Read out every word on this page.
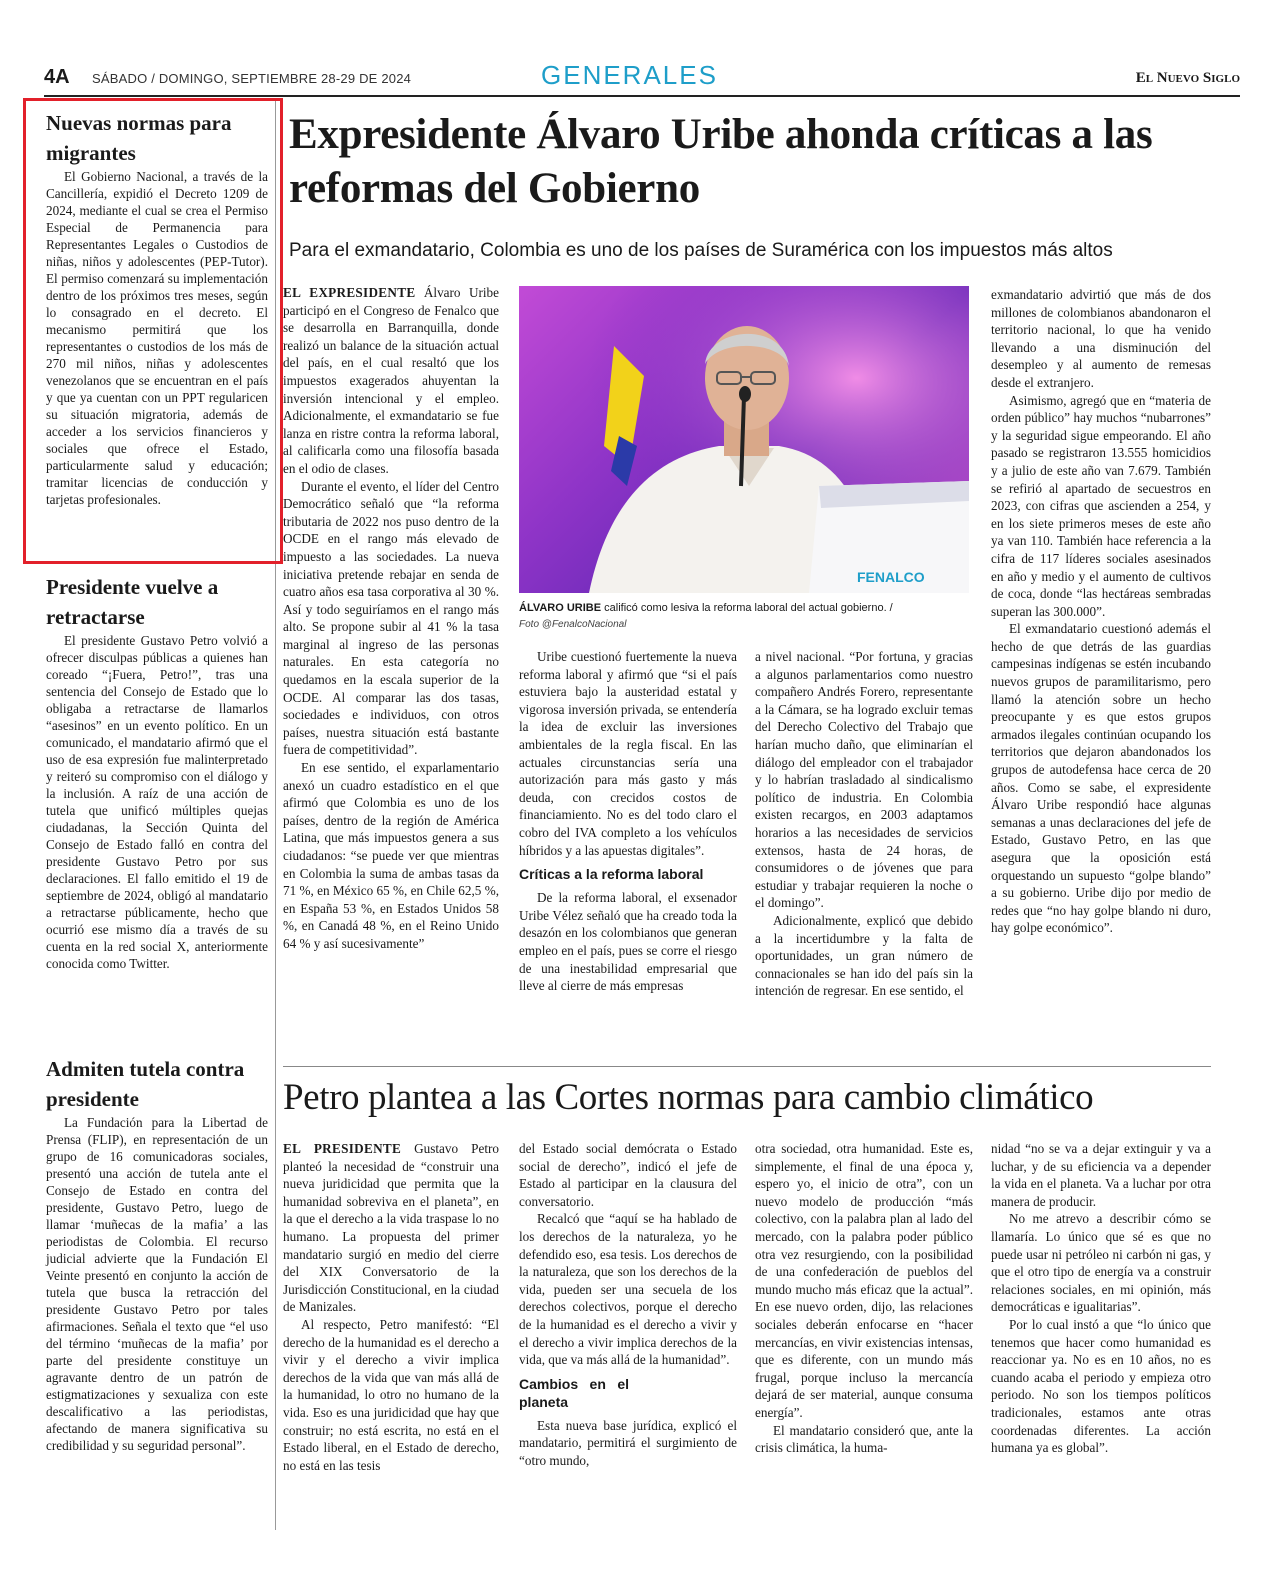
4A SÁBADO / DOMINGO, SEPTIEMBRE 28-29 DE 2024	GENERALES	El Nuevo Siglo
Nuevas normas para migrantes

El Gobierno Nacional, a través de la Cancillería, expidió el Decreto 1209 de 2024, mediante el cual se crea el Permiso Especial de Permanencia para Representantes Legales o Custodios de niñas, niños y adolescentes (PEP-Tutor). El permiso comenzará su implementación dentro de los próximos tres meses, según lo consagrado en el decreto. El mecanismo permitirá que los representantes o custodios de los más de 270 mil niños, niñas y adolescentes venezolanos que se encuentran en el país y que ya cuentan con un PPT regularicen su situación migratoria, además de acceder a los servicios financieros y sociales que ofrece el Estado, particularmente salud y educación; tramitar licencias de conducción y tarjetas profesionales.

Presidente vuelve a retractarse

El presidente Gustavo Petro volvió a ofrecer disculpas públicas a quienes han coreado “¡Fuera, Petro!”, tras una sentencia del Consejo de Estado que lo obligaba a retractarse de llamarlos “asesinos” en un evento político. En un comunicado, el mandatario afirmó que el uso de esa expresión fue malinterpretado y reiteró su compromiso con el diálogo y la inclusión. A raíz de una acción de tutela que unificó múltiples quejas ciudadanas, la Sección Quinta del Consejo de Estado falló en contra del presidente Gustavo Petro por sus declaraciones. El fallo emitido el 19 de septiembre de 2024, obligó al mandatario a retractarse públicamente, hecho que ocurrió ese mismo día a través de su cuenta en la red social X, anteriormente conocida como Twitter.

Admiten tutela contra presidente

La Fundación para la Libertad de Prensa (FLIP), en representación de un grupo de 16 comunicadoras sociales, presentó una acción de tutela ante el Consejo de Estado en contra del presidente, Gustavo Petro, luego de llamar ‘muñecas de la mafia’ a las periodistas de Colombia. El recurso judicial advierte que la Fundación El Veinte presentó en conjunto la acción de tutela que busca la retracción del presidente Gustavo Petro por tales afirmaciones. Señala el texto que “el uso del término ‘muñecas de la mafia’ por parte del presidente constituye un agravante dentro de un patrón de estigmatizaciones y sexualiza con este descalificativo a las periodistas, afectando de manera significativa su credibilidad y su seguridad personal”.

Expresidente Álvaro Uribe ahonda críticas a las reformas del Gobierno
Para el exmandatario, Colombia es uno de los países de Suramérica con los impuestos más altos

EL EXPRESIDENTE Álvaro Uribe participó en el Congreso de Fenalco que se desarrolla en Barranquilla, donde realizó un balance de la situación actual del país, en el cual resaltó que los impuestos exagerados ahuyentan la inversión intencional y el empleo. Adicionalmente, el exmandatario se fue lanza en ristre contra la reforma laboral, al calificarla como una filosofía basada en el odio de clases.

Durante el evento, el líder del Centro Democrático señaló que “la reforma tributaria de 2022 nos puso dentro de la OCDE en el rango más elevado de impuesto a las sociedades. La nueva iniciativa pretende rebajar en senda de cuatro años esa tasa corporativa al 30 %. Así y todo seguiríamos en el rango más alto. Se propone subir al 41 % la tasa marginal al ingreso de las personas naturales. En esta categoría no quedamos en la escala superior de la OCDE. Al comparar las dos tasas, sociedades e individuos, con otros países, nuestra situación está bastante fuera de competitividad”.

En ese sentido, el exparlamentario anexó un cuadro estadístico en el que afirmó que Colombia es uno de los países, dentro de la región de América Latina, que más impuestos genera a sus ciudadanos: “se puede ver que mientras en Colombia la suma de ambas tasas da 71 %, en México 65 %, en Chile 62,5 %, en España 53 %, en Estados Unidos 58 %, en Canadá 48 %, en el Reino Unido 64 % y así sucesivamente”

FENALCO
ÁLVARO URIBE calificó como lesiva la reforma laboral del actual gobierno. /
Foto @FenalcoNacional

Uribe cuestionó fuertemente la nueva reforma laboral y afirmó que “si el país estuviera bajo la austeridad estatal y vigorosa inversión privada, se entendería la idea de excluir las inversiones ambientales de la regla fiscal. En las actuales circunstancias sería una autorización para más gasto y más deuda, con crecidos costos de financiamiento. No es del todo claro el cobro del IVA completo a los vehículos híbridos y a las apuestas digitales”.

Críticas a la reforma laboral

De la reforma laboral, el exsenador Uribe Vélez señaló que ha creado toda la desazón en los colombianos que generan empleo en el país, pues se corre el riesgo de una inestabilidad empresarial que lleve al cierre de más empresas

a nivel nacional. “Por fortuna, y gracias a algunos parlamentarios como nuestro compañero Andrés Forero, representante a la Cámara, se ha logrado excluir temas del Derecho Colectivo del Trabajo que harían mucho daño, que eliminarían el diálogo del empleador con el trabajador y lo habrían trasladado al sindicalismo político de industria. En Colombia existen recargos, en 2003 adaptamos horarios a las necesidades de servicios extensos, hasta de 24 horas, de consumidores o de jóvenes que para estudiar y trabajar requieren la noche o el domingo”.

Adicionalmente, explicó que debido a la incertidumbre y la falta de oportunidades, un gran número de connacionales se han ido del país sin la intención de regresar. En ese sentido, el

exmandatario advirtió que más de dos millones de colombianos abandonaron el territorio nacional, lo que ha venido llevando a una disminución del desempleo y al aumento de remesas desde el extranjero.

Asimismo, agregó que en “materia de orden público” hay muchos “nubarrones” y la seguridad sigue empeorando. El año pasado se registraron 13.555 homicidios y a julio de este año van 7.679. También se refirió al apartado de secuestros en 2023, con cifras que ascienden a 254, y en los siete primeros meses de este año ya van 110. También hace referencia a la cifra de 117 líderes sociales asesinados en año y medio y el aumento de cultivos de coca, donde “las hectáreas sembradas superan las 300.000”.

El exmandatario cuestionó además el hecho de que detrás de las guardias campesinas indígenas se estén incubando nuevos grupos de paramilitarismo, pero llamó la atención sobre un hecho preocupante y es que estos grupos armados ilegales continúan ocupando los territorios que dejaron abandonados los grupos de autodefensa hace cerca de 20 años. Como se sabe, el expresidente Álvaro Uribe respondió hace algunas semanas a unas declaraciones del jefe de Estado, Gustavo Petro, en las que asegura que la oposición está orquestando un supuesto “golpe blando” a su gobierno. Uribe dijo por medio de redes que “no hay golpe blando ni duro, hay golpe económico”.

Petro plantea a las Cortes normas para cambio climático

EL PRESIDENTE Gustavo Petro planteó la necesidad de “construir una nueva juridicidad que permita que la humanidad sobreviva en el planeta”, en la que el derecho a la vida traspase lo no humano. La propuesta del primer mandatario surgió en medio del cierre del XIX Conversatorio de la Jurisdicción Constitucional, en la ciudad de Manizales.

Al respecto, Petro manifestó: “El derecho de la humanidad es el derecho a vivir y el derecho a vivir implica derechos de la vida que van más allá de la humanidad, lo otro no humano de la vida. Eso es una juridicidad que hay que construir; no está escrita, no está en el Estado liberal, en el Estado de derecho, no está en las tesis

del Estado social demócrata o Estado social de derecho”, indicó el jefe de Estado al participar en la clausura del conversatorio.

Recalcó que “aquí se ha hablado de los derechos de la naturaleza, yo he defendido eso, esa tesis. Los derechos de la naturaleza, que son los derechos de la vida, pueden ser una secuela de los derechos colectivos, porque el derecho de la humanidad es el derecho a vivir y el derecho a vivir implica derechos de la vida, que va más allá de la humanidad”.

Cambios en el planeta

Esta nueva base jurídica, explicó el mandatario, permitirá el surgimiento de “otro mundo,

otra sociedad, otra humanidad. Este es, simplemente, el final de una época y, espero yo, el inicio de otra”, con un nuevo modelo de producción “más colectivo, con la palabra plan al lado del mercado, con la palabra poder público otra vez resurgiendo, con la posibilidad de una confederación de pueblos del mundo mucho más eficaz que la actual”. En ese nuevo orden, dijo, las relaciones sociales deberán enfocarse en “hacer mercancías, en vivir existencias intensas, que es diferente, con un mundo más frugal, porque incluso la mercancía dejará de ser material, aunque consuma energía”.

El mandatario consideró que, ante la crisis climática, la huma-

nidad “no se va a dejar extinguir y va a luchar, y de su eficiencia va a depender la vida en el planeta. Va a luchar por otra manera de producir.

No me atrevo a describir cómo se llamaría. Lo único que sé es que no puede usar ni petróleo ni carbón ni gas, y que el otro tipo de energía va a construir relaciones sociales, en mi opinión, más democráticas e igualitarias”.

Por lo cual instó a que “lo único que tenemos que hacer como humanidad es reaccionar ya. No es en 10 años, no es cuando acaba el periodo y empieza otro periodo. No son los tiempos políticos tradicionales, estamos ante otras coordenadas diferentes. La acción humana ya es global”.
